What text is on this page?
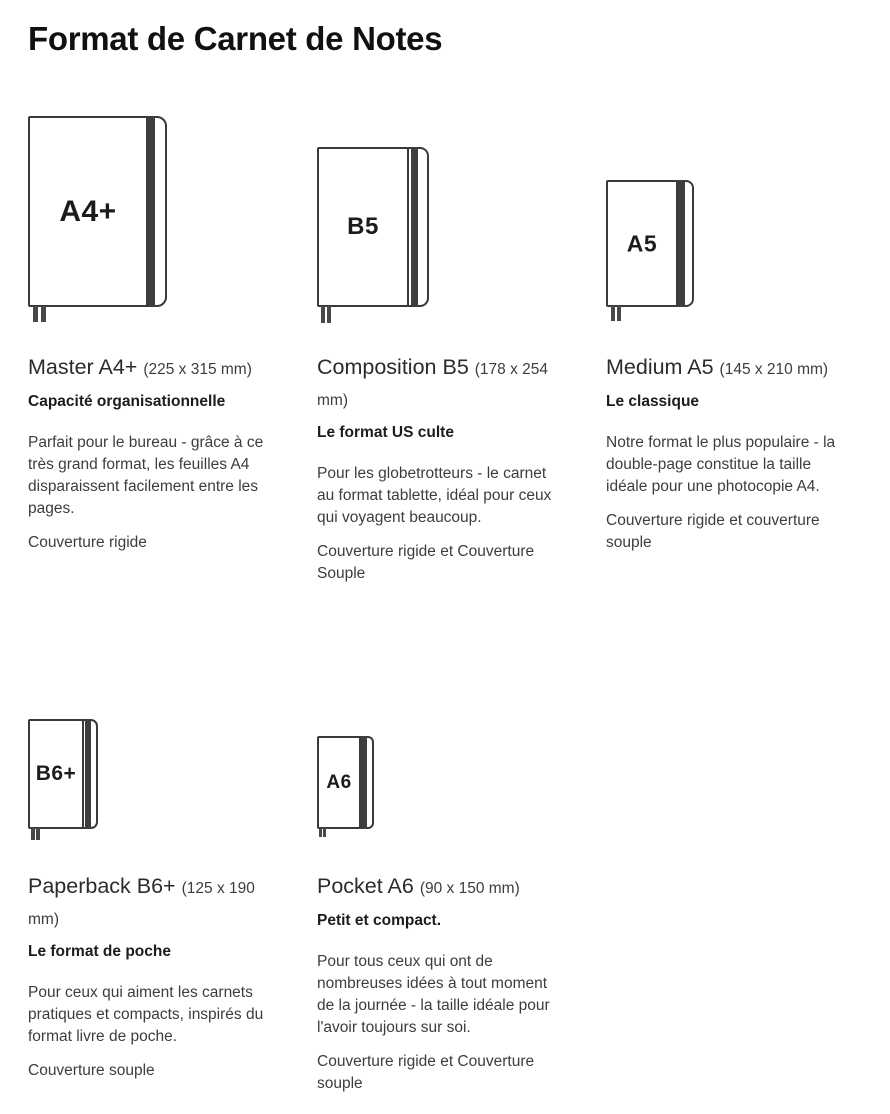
Format de Carnet de Notes
A4+
Master A4+ (225 x 315 mm)

Capacité organisationnelle

Parfait pour le bureau - grâce à ce très grand format, les feuilles A4 disparaissent facilement entre les pages.

Couverture rigide

B5
Composition B5 (178 x 254 mm)

Le format US culte

Pour les globetrotteurs - le carnet au format tablette, idéal pour ceux qui voyagent beaucoup.

Couverture rigide et Couverture Souple

A5
Medium A5 (145 x 210 mm)

Le classique

Notre format le plus populaire - la double-page constitue la taille idéale pour une photocopie A4.

Couverture rigide et couverture souple

B6+
Paperback B6+ (125 x 190 mm)

Le format de poche

Pour ceux qui aiment les carnets pratiques et compacts, inspirés du format livre de poche.

Couverture souple

A6
Pocket A6 (90 x 150 mm)

Petit et compact.

Pour tous ceux qui ont de nombreuses idées à tout moment de la journée - la taille idéale pour l'avoir toujours sur soi.

Couverture rigide et Couverture souple
